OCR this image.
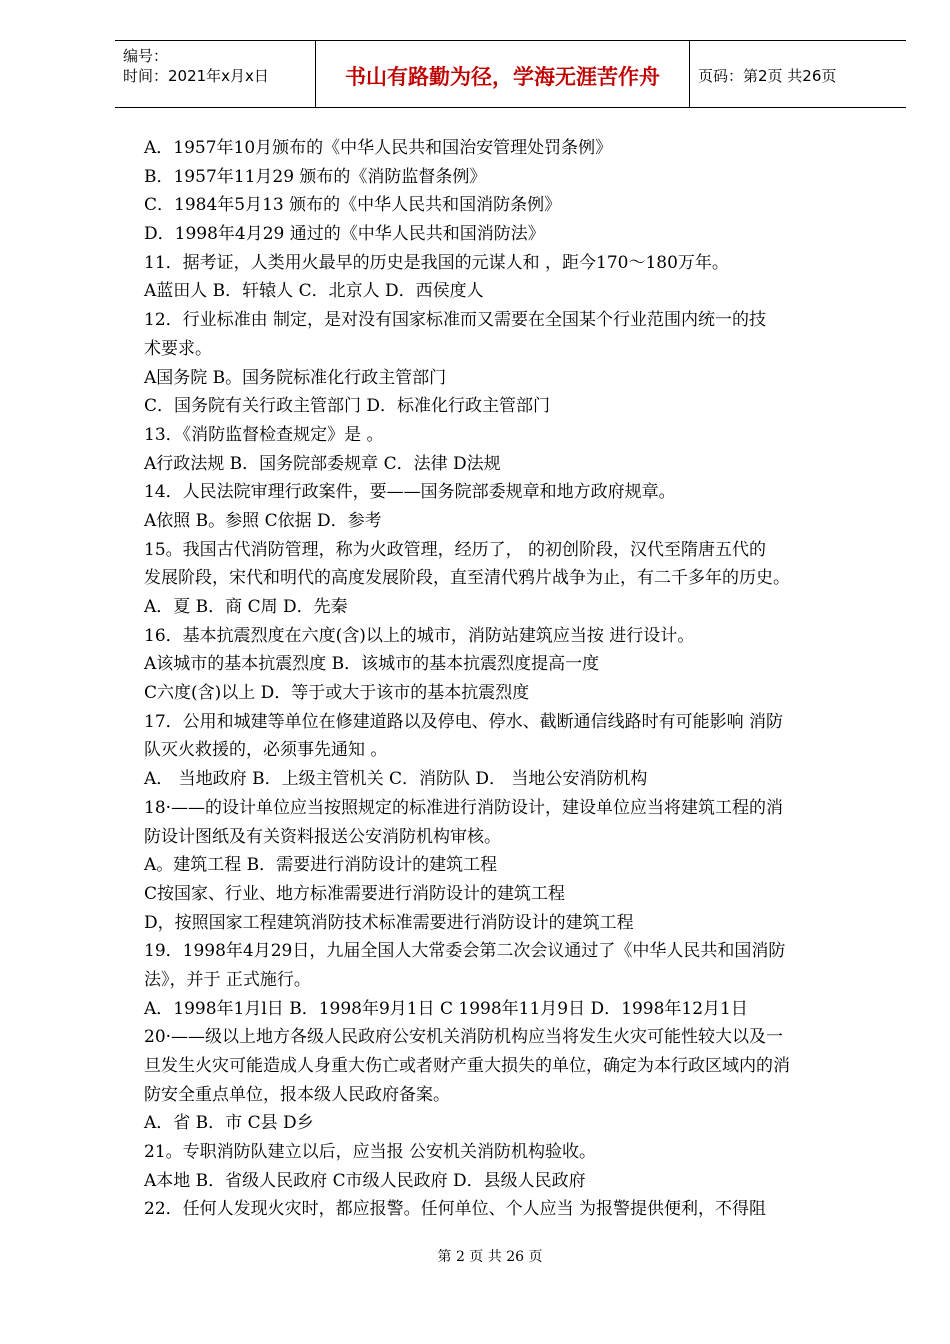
编号：
时间：2021年x月x日	书山有路勤为径，学海无涯苦作舟	页码：第2页 共26页
A．1957年10月颁布的《中华人民共和国治安管理处罚条例》
B．1957年11月29 颁布的《消防监督条例》
C．1984年5月13 颁布的《中华人民共和国消防条例》
D．1998年4月29 通过的《中华人民共和国消防法》
11．据考证，人类用火最早的历史是我国的元谋人和 ，距今170～180万年。
A蓝田人 B．轩辕人 C．北京人 D．西侯度人
12．行业标准由 制定，是对没有国家标准而又需要在全国某个行业范围内统一的技
术要求。
A国务院 B。国务院标准化行政主管部门
C．国务院有关行政主管部门 D．标准化行政主管部门
13．《消防监督检查规定》是 。
A行政法规 B．国务院部委规章 C．法律 D法规
14．人民法院审理行政案件，要——国务院部委规章和地方政府规章。
A依照 B。参照 C依据 D．参考
15。我国古代消防管理，称为火政管理，经历了， 的初创阶段，汉代至隋唐五代的
发展阶段，宋代和明代的高度发展阶段，直至清代鸦片战争为止，有二千多年的历史。
A．夏 B．商 C周 D．先秦
16．基本抗震烈度在六度(含)以上的城市，消防站建筑应当按 进行设计。
A该城市的基本抗震烈度 B．该城市的基本抗震烈度提高一度
C六度(含)以上 D．等于或大于该市的基本抗震烈度
17．公用和城建等单位在修建道路以及停电、停水、截断通信线路时有可能影响 消防
队灭火救援的，必须事先通知 。
A． 当地政府 B．上级主管机关 C．消防队 D． 当地公安消防机构
18·——的设计单位应当按照规定的标准进行消防设计，建设单位应当将建筑工程的消
防设计图纸及有关资料报送公安消防机构审核。
A。建筑工程 B．需要进行消防设计的建筑工程
C按国家、行业、地方标准需要进行消防设计的建筑工程
D，按照国家工程建筑消防技术标准需要进行消防设计的建筑工程
19．1998年4月29日，九届全国人大常委会第二次会议通过了《中华人民共和国消防
法》，并于 正式施行。
A．1998年1月l日 B．1998年9月1日 C 1998年11月9日 D．1998年12月1日
20·——级以上地方各级人民政府公安机关消防机构应当将发生火灾可能性较大以及一
旦发生火灾可能造成人身重大伤亡或者财产重大损失的单位，确定为本行政区域内的消
防安全重点单位，报本级人民政府备案。
A．省 B．市 C县 D乡
21。专职消防队建立以后，应当报 公安机关消防机构验收。
A本地 B．省级人民政府 C市级人民政府 D．县级人民政府
22．任何人发现火灾时，都应报警。任何单位、个人应当 为报警提供便利，不得阻
第 2 页 共 26 页
